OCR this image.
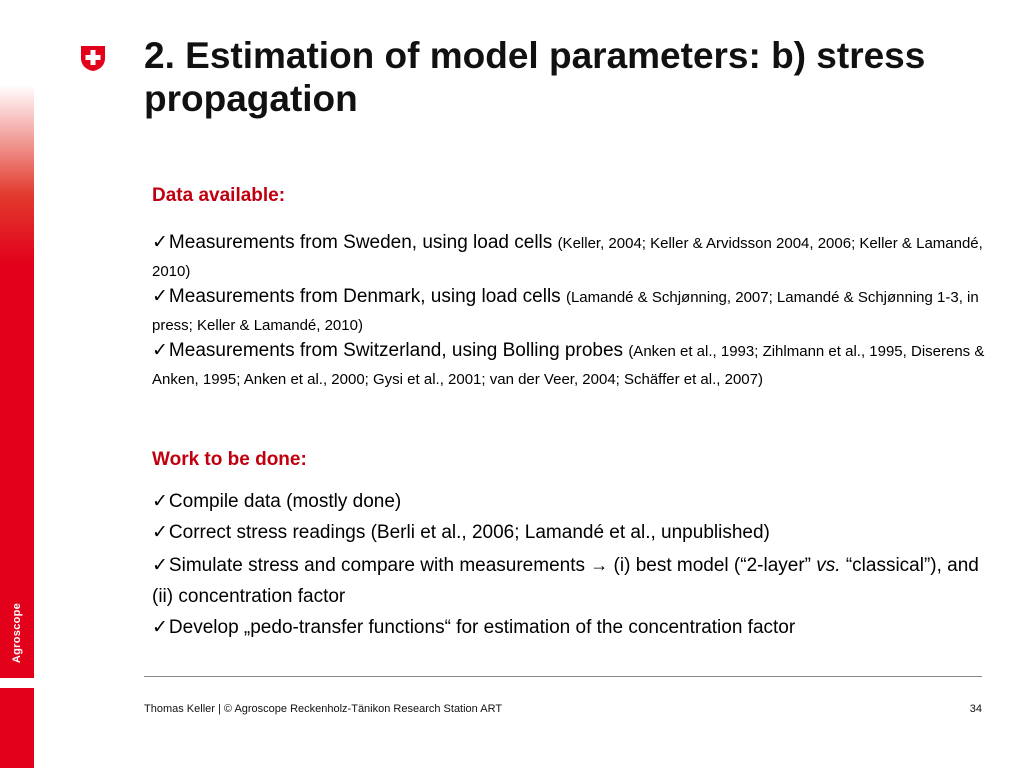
Agroscope
2. Estimation of model parameters: b) stress propagation
Data available:

✓Measurements from Sweden, using load cells (Keller, 2004; Keller & Arvidsson 2004, 2006; Keller & Lamandé, 2010)

✓Measurements from Denmark, using load cells (Lamandé & Schjønning, 2007; Lamandé & Schjønning 1-3, in press; Keller & Lamandé, 2010)

✓Measurements from Switzerland, using Bolling probes (Anken et al., 1993; Zihlmann et al., 1995, Diserens & Anken, 1995; Anken et al., 2000; Gysi et al., 2001; van der Veer, 2004; Schäffer et al., 2007)

Work to be done:

✓Compile data (mostly done)

✓Correct stress readings (Berli et al., 2006; Lamandé et al., unpublished)

✓Simulate stress and compare with measurements → (i) best model (“2-layer” vs. “classical”), and (ii) concentration factor

✓Develop „pedo-transfer functions“ for estimation of the concentration factor

Thomas Keller | © Agroscope Reckenholz-Tänikon Research Station ART	34
